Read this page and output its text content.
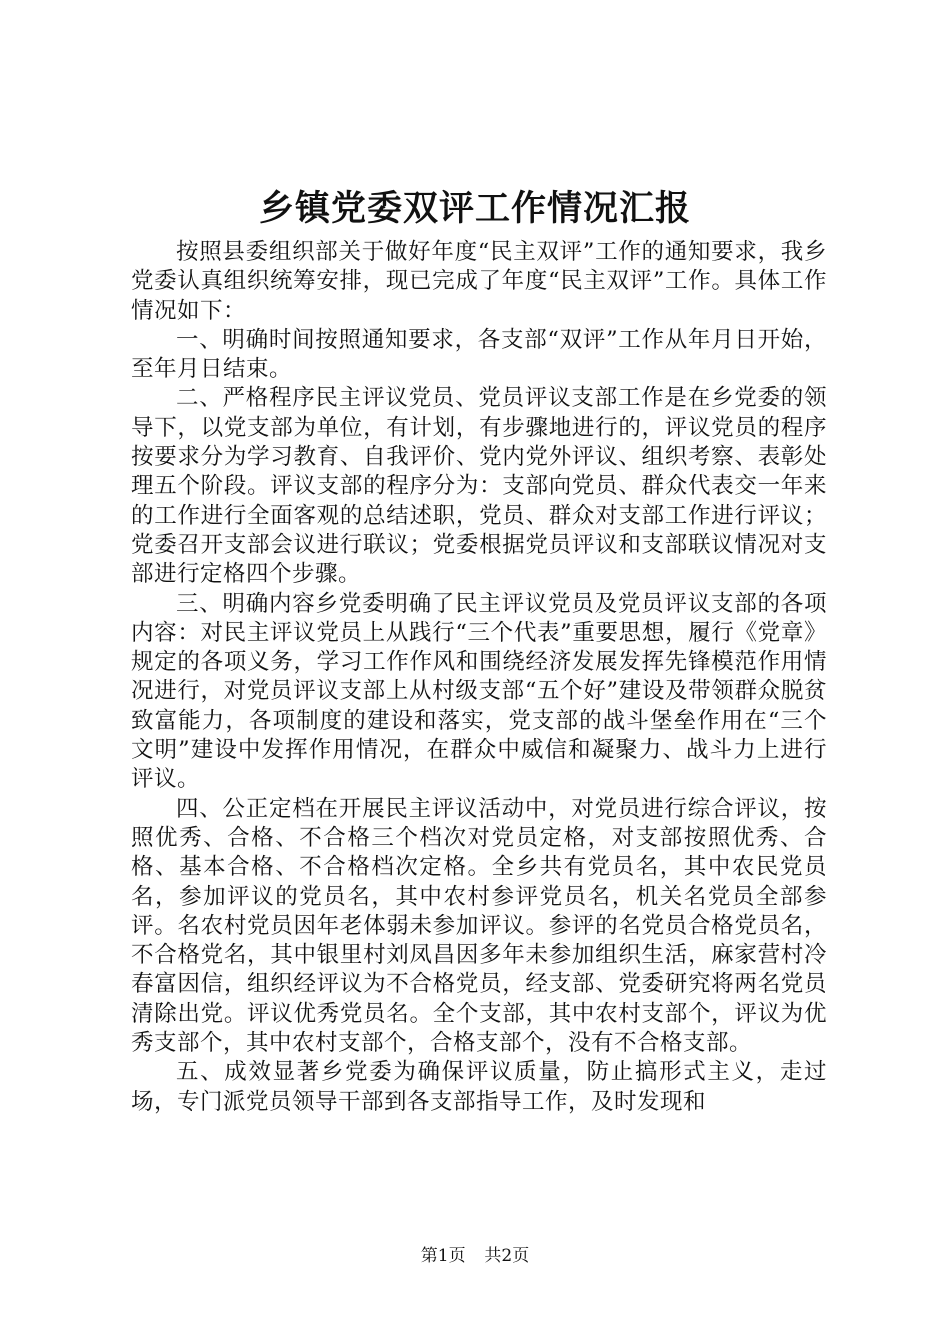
乡镇党委双评工作情况汇报

按照县委组织部关于做好年度“民主双评”工作的通知要求，我乡党委认真组织统筹安排，现已完成了年度“民主双评”工作。具体工作情况如下：

一、明确时间按照通知要求，各支部“双评”工作从年月日开始，至年月日结束。

二、严格程序民主评议党员、党员评议支部工作是在乡党委的领导下，以党支部为单位，有计划，有步骤地进行的，评议党员的程序按要求分为学习教育、自我评价、党内党外评议、组织考察、表彰处理五个阶段。评议支部的程序分为：支部向党员、群众代表交一年来的工作进行全面客观的总结述职，党员、群众对支部工作进行评议；党委召开支部会议进行联议；党委根据党员评议和支部联议情况对支部进行定格四个步骤。

三、明确内容乡党委明确了民主评议党员及党员评议支部的各项内容：对民主评议党员上从践行“三个代表”重要思想，履行《党章》规定的各项义务，学习工作作风和围绕经济发展发挥先锋模范作用情况进行，对党员评议支部上从村级支部“五个好”建设及带领群众脱贫致富能力，各项制度的建设和落实，党支部的战斗堡垒作用在“三个文明”建设中发挥作用情况，在群众中威信和凝聚力、战斗力上进行评议。

四、公正定档在开展民主评议活动中，对党员进行综合评议，按照优秀、合格、不合格三个档次对党员定格，对支部按照优秀、合格、基本合格、不合格档次定格。全乡共有党员名，其中农民党员名，参加评议的党员名，其中农村参评党员名，机关名党员全部参评。名农村党员因年老体弱未参加评议。参评的名党员合格党员名，不合格党名，其中银里村刘凤昌因多年未参加组织生活，麻家营村冷春富因信，组织经评议为不合格党员，经支部、党委研究将两名党员清除出党。评议优秀党员名。全个支部，其中农村支部个，评议为优秀支部个，其中农村支部个，合格支部个，没有不合格支部。

五、成效显著乡党委为确保评议质量，防止搞形式主义，走过场，专门派党员领导干部到各支部指导工作，及时发现和

第1页 共2页
